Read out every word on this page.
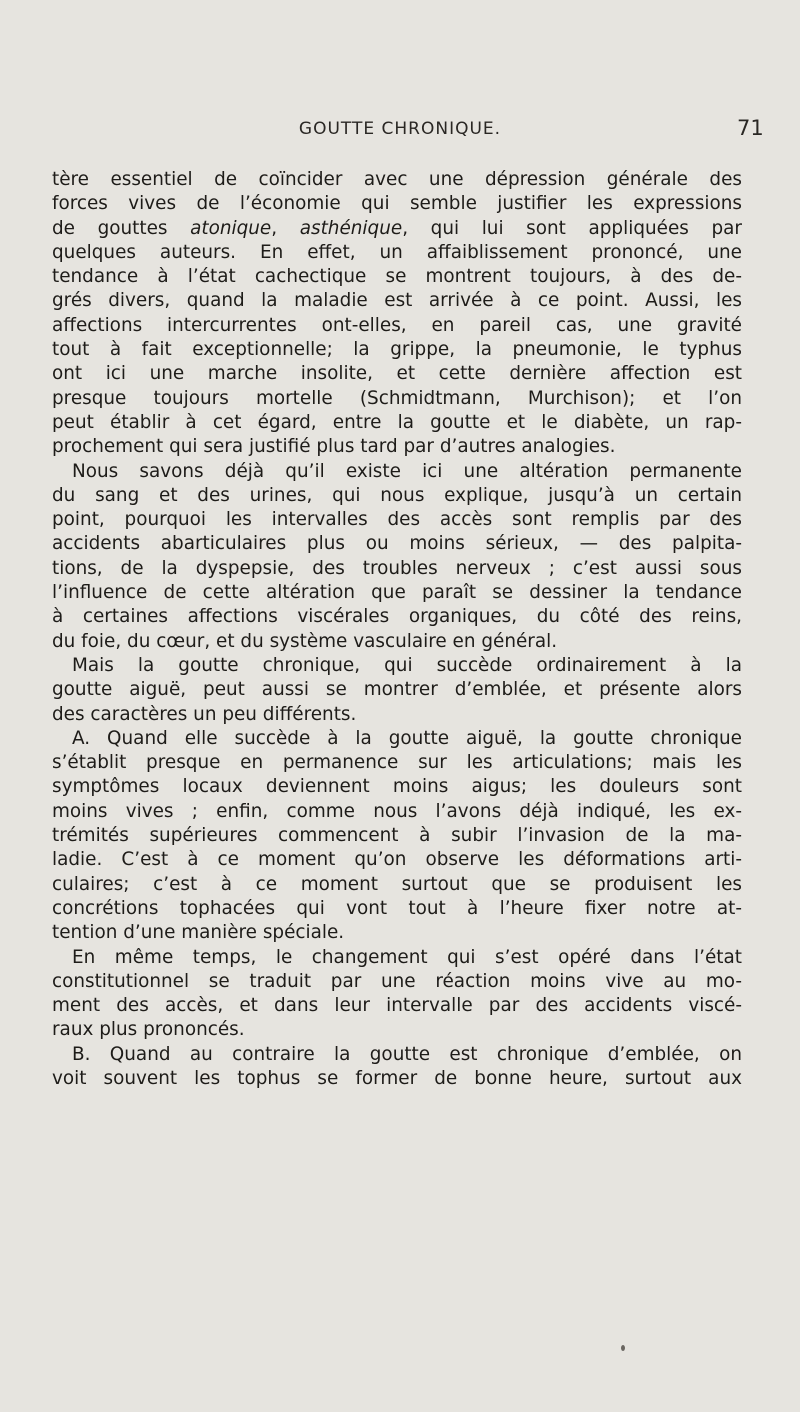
GOUTTE CHRONIQUE.	71
tère essentiel de coïncider avec une dépression générale des
forces vives de l’économie qui semble justifier les expressions
de gouttes atonique, asthénique, qui lui sont appliquées par
quelques auteurs. En effet, un affaiblissement prononcé, une
tendance à l’état cachectique se montrent toujours, à des de-
grés divers, quand la maladie est arrivée à ce point. Aussi, les
affections intercurrentes ont-elles, en pareil cas, une gravité
tout à fait exceptionnelle; la grippe, la pneumonie, le typhus
ont ici une marche insolite, et cette dernière affection est
presque toujours mortelle (Schmidtmann, Murchison); et l’on
peut établir à cet égard, entre la goutte et le diabète, un rap-
prochement qui sera justifié plus tard par d’autres analogies.
Nous savons déjà qu’il existe ici une altération permanente
du sang et des urines, qui nous explique, jusqu’à un certain
point, pourquoi les intervalles des accès sont remplis par des
accidents abarticulaires plus ou moins sérieux, — des palpita-
tions, de la dyspepsie, des troubles nerveux ; c’est aussi sous
l’influence de cette altération que paraît se dessiner la tendance
à certaines affections viscérales organiques, du côté des reins,
du foie, du cœur, et du système vasculaire en général.
Mais la goutte chronique, qui succède ordinairement à la
goutte aiguë, peut aussi se montrer d’emblée, et présente alors
des caractères un peu différents.
A. Quand elle succède à la goutte aiguë, la goutte chronique
s’établit presque en permanence sur les articulations; mais les
symptômes locaux deviennent moins aigus; les douleurs sont
moins vives ; enfin, comme nous l’avons déjà indiqué, les ex-
trémités supérieures commencent à subir l’invasion de la ma-
ladie. C’est à ce moment qu’on observe les déformations arti-
culaires; c’est à ce moment surtout que se produisent les
concrétions tophacées qui vont tout à l’heure fixer notre at-
tention d’une manière spéciale.
En même temps, le changement qui s’est opéré dans l’état
constitutionnel se traduit par une réaction moins vive au mo-
ment des accès, et dans leur intervalle par des accidents viscé-
raux plus prononcés.
B. Quand au contraire la goutte est chronique d’emblée, on
voit souvent les tophus se former de bonne heure, surtout aux
